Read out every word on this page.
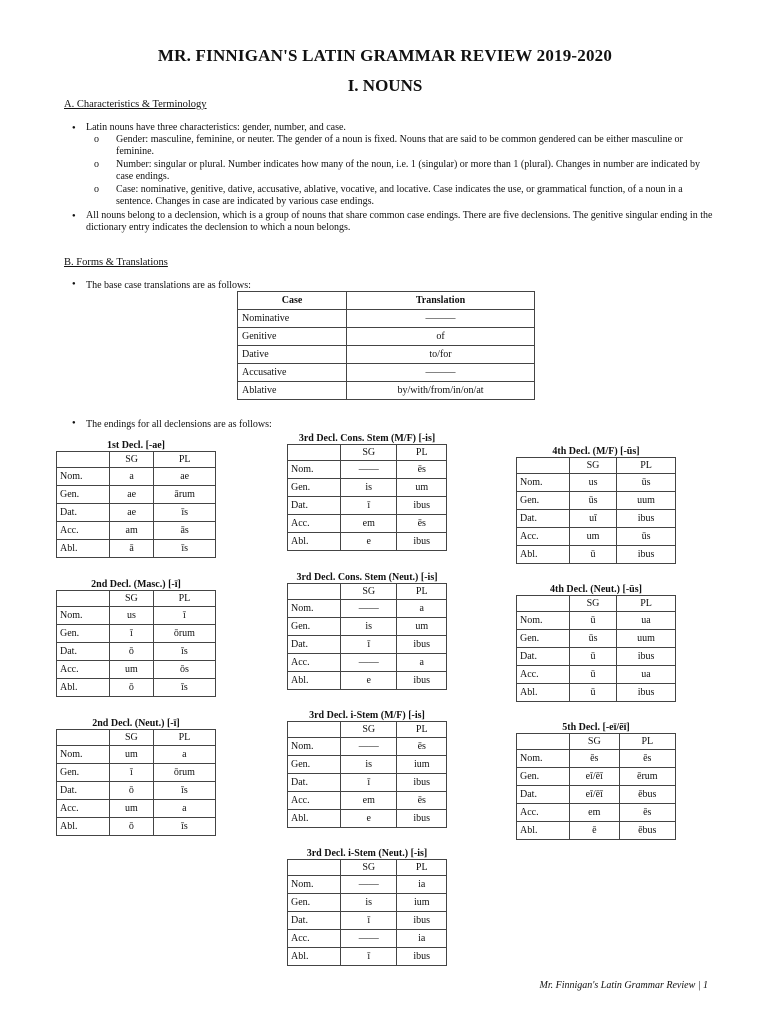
MR. FINNIGAN'S LATIN GRAMMAR REVIEW 2019-2020
I. NOUNS
A. Characteristics & Terminology
● Latin nouns have three characteristics: gender, number, and case.
o Gender: masculine, feminine, or neuter. The gender of a noun is fixed. Nouns that are said to be common gendered can be either masculine or feminine.
o Number: singular or plural. Number indicates how many of the noun, i.e. 1 (singular) or more than 1 (plural). Changes in number are indicated by case endings.
o Case: nominative, genitive, dative, accusative, ablative, vocative, and locative. Case indicates the use, or grammatical function, of a noun in a sentence. Changes in case are indicated by various case endings.
● All nouns belong to a declension, which is a group of nouns that share common case endings. There are five declensions. The genitive singular ending in the dictionary entry indicates the declension to which a noun belongs.
B. Forms & Translations
● The base case translations are as follows:
Case	Translation
Nominative	———
Genitive	of
Dative	to/for
Accusative	———
Ablative	by/with/from/in/on/at
● The endings for all declensions are as follows:
1st Decl. [-ae]
	SG	PL
Nom.	a	ae
Gen.	ae	ārum
Dat.	ae	īs
Acc.	am	ās
Abl.	ā	īs
2nd Decl. (Masc.) [-ī]
	SG	PL
Nom.	us	ī
Gen.	ī	ōrum
Dat.	ō	īs
Acc.	um	ōs
Abl.	ō	īs
2nd Decl. (Neut.) [-ī]
	SG	PL
Nom.	um	a
Gen.	ī	ōrum
Dat.	ō	īs
Acc.	um	a
Abl.	ō	īs
3rd Decl. Cons. Stem (M/F) [-is]
	SG	PL
Nom.	——	ēs
Gen.	is	um
Dat.	ī	ibus
Acc.	em	ēs
Abl.	e	ibus
3rd Decl. Cons. Stem (Neut.) [-is]
	SG	PL
Nom.	——	a
Gen.	is	um
Dat.	ī	ibus
Acc.	——	a
Abl.	e	ibus
3rd Decl. i-Stem (M/F) [-is]
	SG	PL
Nom.	——	ēs
Gen.	is	ium
Dat.	ī	ibus
Acc.	em	ēs
Abl.	e	ibus
3rd Decl. i-Stem (Neut.) [-is]
	SG	PL
Nom.	——	ia
Gen.	is	ium
Dat.	ī	ibus
Acc.	——	ia
Abl.	ī	ibus
4th Decl. (M/F) [-ūs]
	SG	PL
Nom.	us	ūs
Gen.	ūs	uum
Dat.	uī	ibus
Acc.	um	ūs
Abl.	ū	ibus
4th Decl. (Neut.) [-ūs]
	SG	PL
Nom.	ū	ua
Gen.	ūs	uum
Dat.	ū	ibus
Acc.	ū	ua
Abl.	ū	ibus
5th Decl. [-eī/ēī]
	SG	PL
Nom.	ēs	ēs
Gen.	eī/ēī	ērum
Dat.	eī/ēī	ēbus
Acc.	em	ēs
Abl.	ē	ēbus
Mr. Finnigan's Latin Grammar Review | 1
